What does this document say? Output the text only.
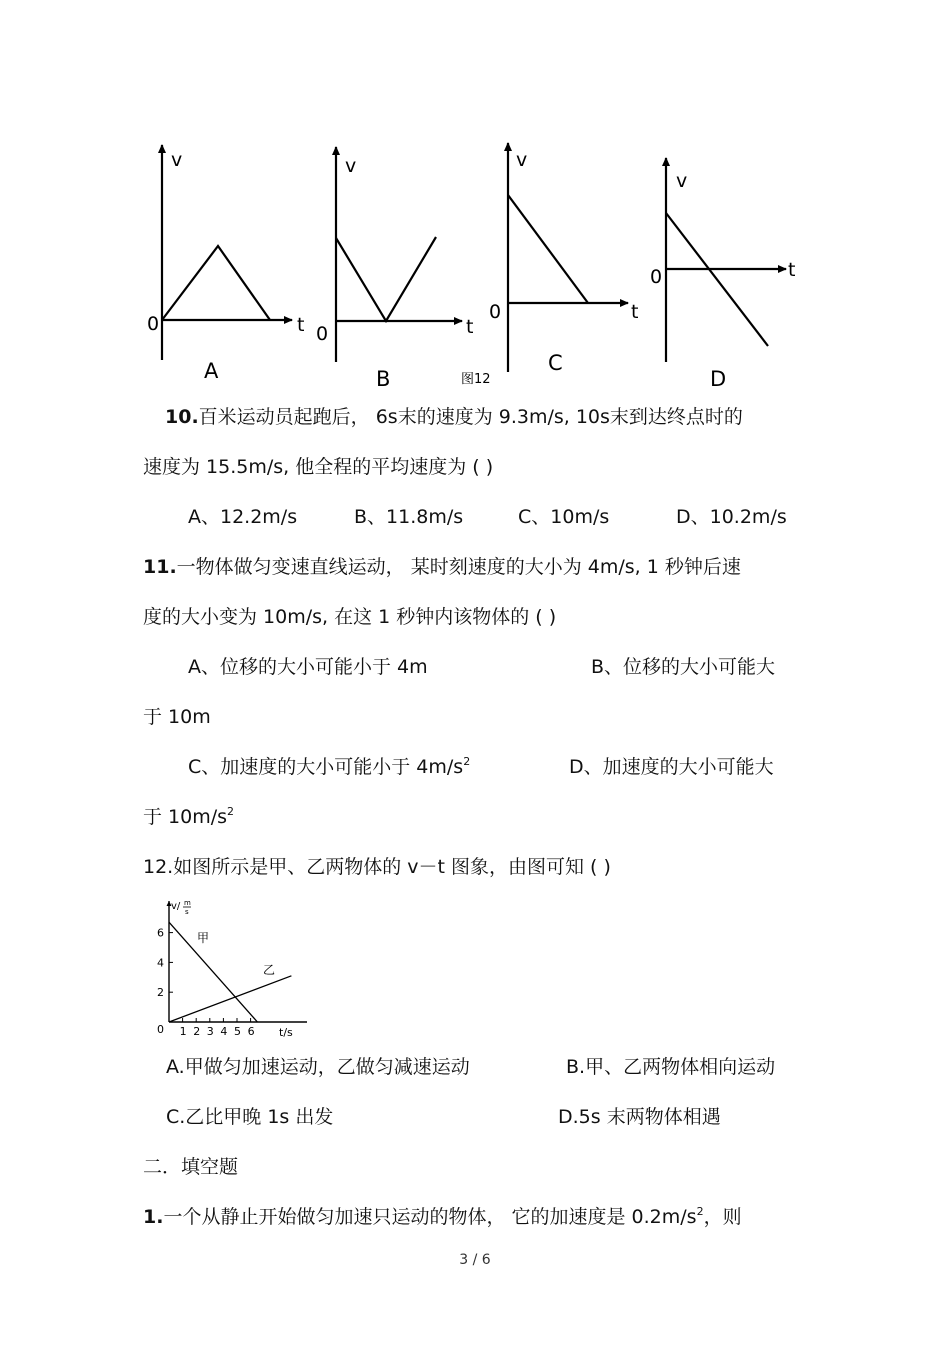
v
t
0
A
v
t
0
B	图12
v
t
0
C
v
t
0
D
10.百米运动员起跑后， 6s末的速度为 9.3m/s, 10s末到达终点时的
速度为 15.5m/s, 他全程的平均速度为 ( )
A、12.2m/s	B、11.8m/s	C、10m/s	D、10.2m/s
11.一物体做匀变速直线运动， 某时刻速度的大小为 4m/s, 1 秒钟后速
度的大小变为 10m/s, 在这 1 秒钟内该物体的 ( )
A、位移的大小可能小于 4m	B、位移的大小可能大
于 10m
C、加速度的大小可能小于 $4m/s^2$	D、加速度的大小可能大
于 $10m/s^2$
12.如图所示是甲、乙两物体的 v－t 图象，由图可知 ( )
1 2 3 4 5 6
2
4
6
0	t/s
v/ m
s
甲
乙
A.甲做匀加速运动，乙做匀减速运动	B.甲、乙两物体相向运动
C.乙比甲晚 1s 出发	D.5s 末两物体相遇
二．填空题
1.一个从静止开始做匀加速只运动的物体， 它的加速度是 $0.2m/s^2$，则
3 / 6
